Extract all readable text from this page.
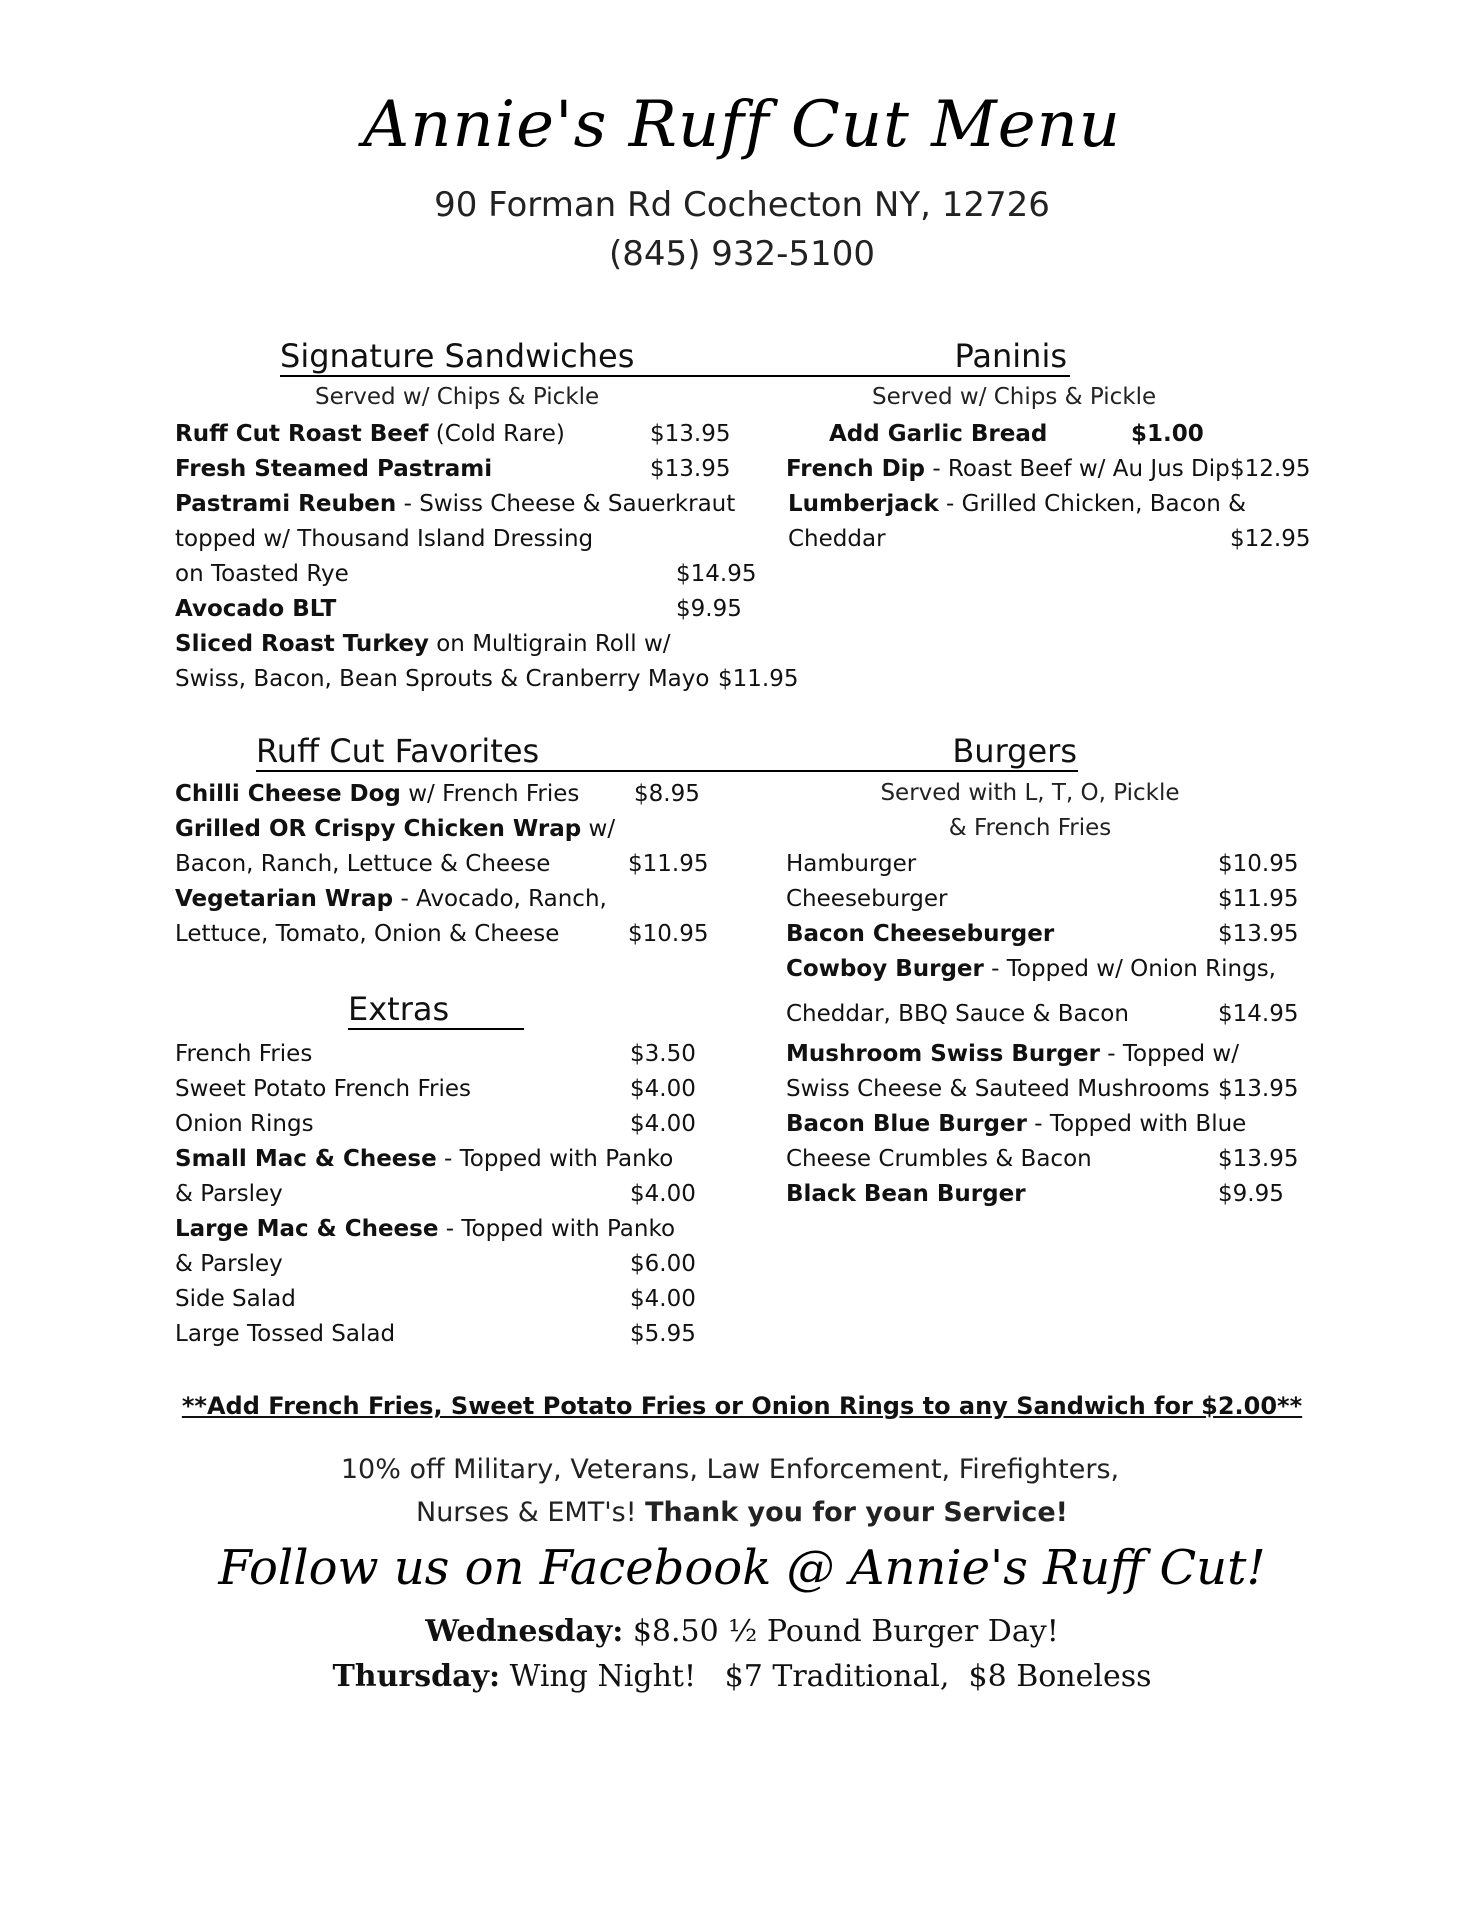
Annie's Ruff Cut Menu
90 Forman Rd Cochecton NY, 12726
(845) 932-5100
Signature Sandwiches	Paninis
Served w/ Chips & Pickle	Served w/ Chips & Pickle
Ruff Cut Roast Beef (Cold Rare)	$13.95
Fresh Steamed Pastrami	$13.95
Pastrami Reuben - Swiss Cheese & Sauerkraut
topped w/ Thousand Island Dressing
on Toasted Rye	$14.95
Avocado BLT	$9.95
Sliced Roast Turkey on Multigrain Roll w/
Swiss, Bacon, Bean Sprouts & Cranberry Mayo $11.95
Add Garlic Bread	$1.00
French Dip - Roast Beef w/ Au Jus Dip $12.95
Lumberjack - Grilled Chicken, Bacon &
Cheddar	$12.95
Ruff Cut Favorites	Burgers
Chilli Cheese Dog w/ French Fries $8.95
Grilled OR Crispy Chicken Wrap w/
Bacon, Ranch, Lettuce & Cheese	$11.95
Vegetarian Wrap - Avocado, Ranch,
Lettuce, Tomato, Onion & Cheese	$10.95
Served with L, T, O, Pickle
& French Fries
Hamburger	$10.95
Cheeseburger	$11.95
Bacon Cheeseburger	$13.95
Cowboy Burger - Topped w/ Onion Rings,
Cheddar, BBQ Sauce & Bacon	$14.95
Mushroom Swiss Burger - Topped w/
Swiss Cheese & Sauteed Mushrooms $13.95
Bacon Blue Burger - Topped with Blue
Cheese Crumbles & Bacon	$13.95
Black Bean Burger	$9.95
Extras
French Fries	$3.50
Sweet Potato French Fries	$4.00
Onion Rings	$4.00
Small Mac & Cheese - Topped with Panko
& Parsley	$4.00
Large Mac & Cheese - Topped with Panko
& Parsley	$6.00
Side Salad	$4.00
Large Tossed Salad	$5.95
**Add French Fries, Sweet Potato Fries or Onion Rings to any Sandwich for $2.00**
10% off Military, Veterans, Law Enforcement, Firefighters,
Nurses & EMT's! Thank you for your Service!
Follow us on Facebook @ Annie's Ruff Cut!
Wednesday: $8.50 ½ Pound Burger Day!
Thursday: Wing Night!   $7 Traditional,  $8 Boneless
